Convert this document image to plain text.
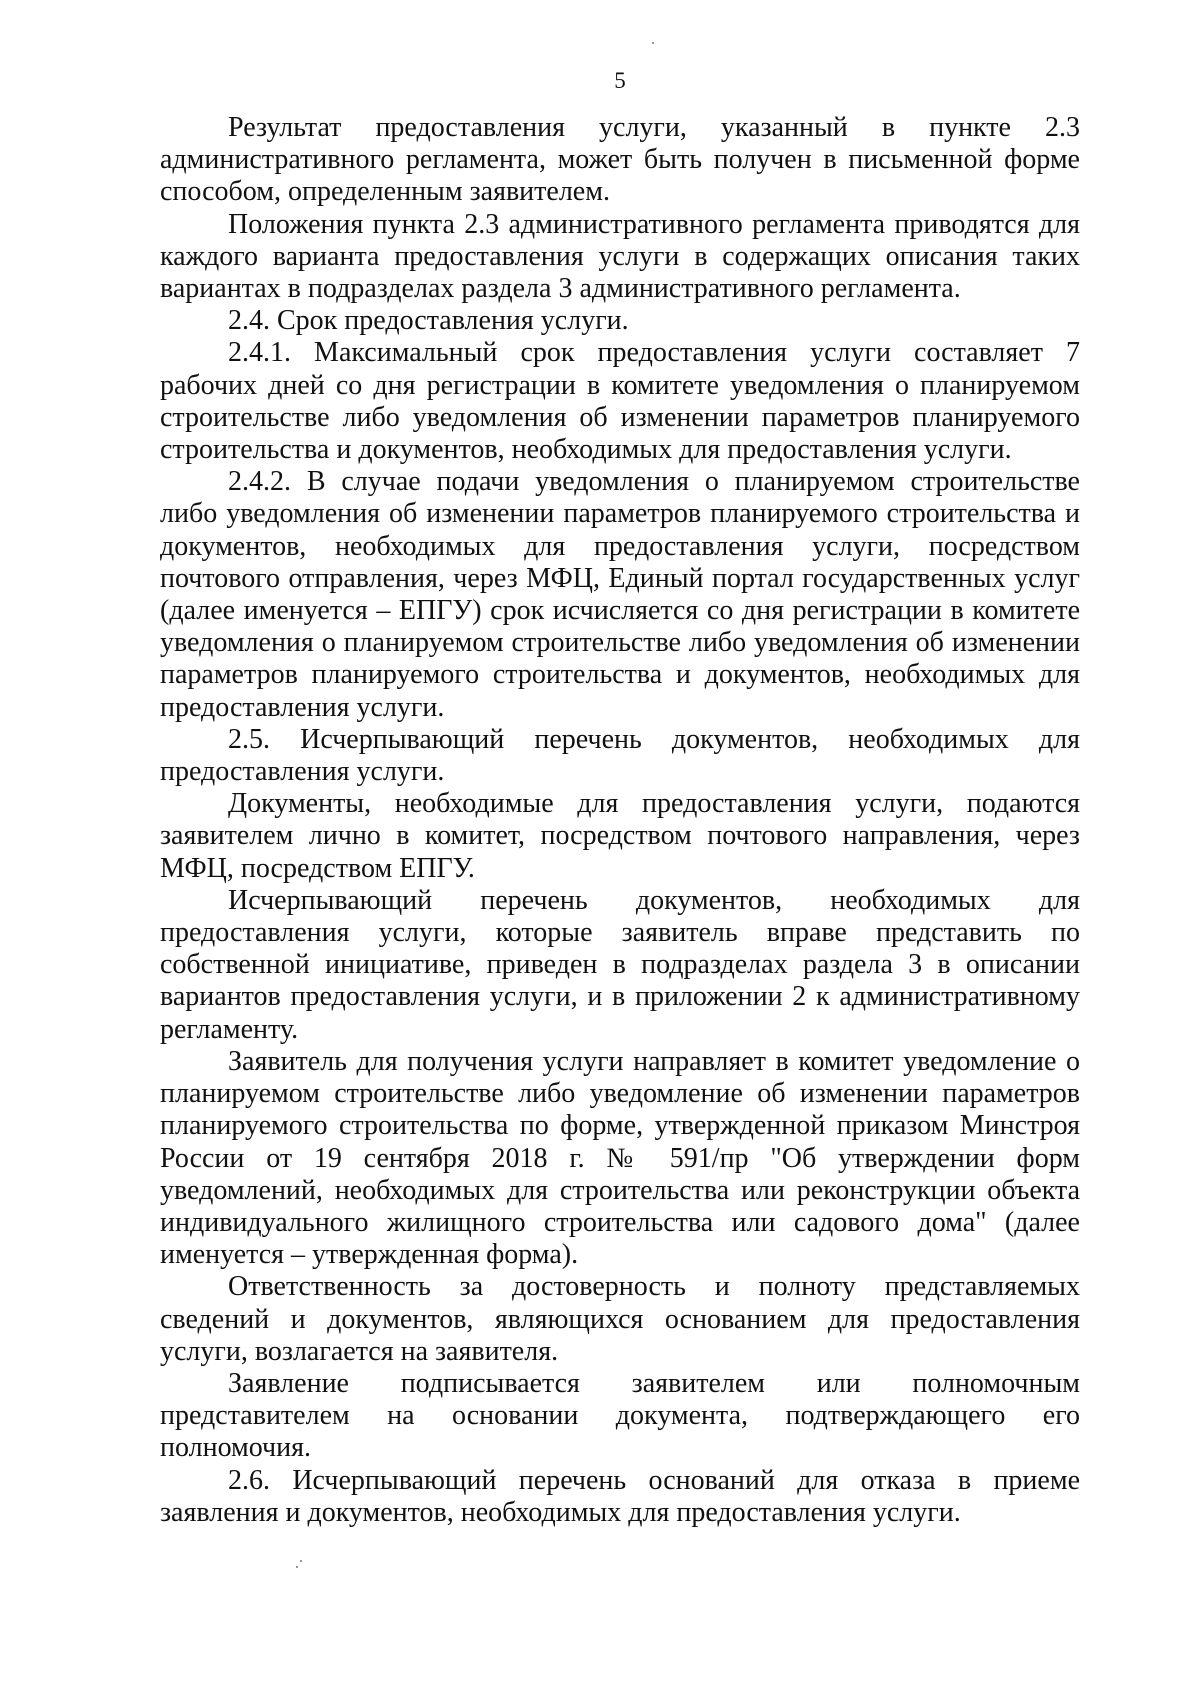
5

Результат предоставления услуги, указанный в пункте 2.3 административного регламента, может быть получен в письменной форме способом, определенным заявителем.

Положения пункта 2.3 административного регламента приводятся для каждого варианта предоставления услуги в содержащих описания таких вариантах в подразделах раздела 3 административного регламента.

2.4. Срок предоставления услуги.

2.4.1. Максимальный срок предоставления услуги составляет 7 рабочих дней со дня регистрации в комитете уведомления о планируемом строительстве либо уведомления об изменении параметров планируемого строительства и документов, необходимых для предоставления услуги.

2.4.2. В случае подачи уведомления о планируемом строительстве либо уведомления об изменении параметров планируемого строительства и документов, необходимых для предоставления услуги, посредством почтового отправления, через МФЦ, Единый портал государственных услуг (далее именуется – ЕПГУ) срок исчисляется со дня регистрации в комитете уведомления о планируемом строительстве либо уведомления об изменении параметров планируемого строительства и документов, необходимых для предоставления услуги.

2.5. Исчерпывающий перечень документов, необходимых для предоставления услуги.

Документы, необходимые для предоставления услуги, подаются заявителем лично в комитет, посредством почтового направления, через МФЦ, посредством ЕПГУ.

Исчерпывающий перечень документов, необходимых для предоставления услуги, которые заявитель вправе представить по собственной инициативе, приведен в подразделах раздела 3 в описании вариантов предоставления услуги, и в приложении 2 к административному регламенту.

Заявитель для получения услуги направляет в комитет уведомление о планируемом строительстве либо уведомление об изменении параметров планируемого строительства по форме, утвержденной приказом Минстроя России от 19 сентября 2018 г. № 591/пр "Об утверждении форм уведомлений, необходимых для строительства или реконструкции объекта индивидуального жилищного строительства или садового дома" (далее именуется – утвержденная форма).

Ответственность за достоверность и полноту представляемых сведений и документов, являющихся основанием для предоставления услуги, возлагается на заявителя.

Заявление подписывается заявителем или полномочным представителем на основании документа, подтверждающего его полномочия.

2.6. Исчерпывающий перечень оснований для отказа в приеме заявления и документов, необходимых для предоставления услуги.
